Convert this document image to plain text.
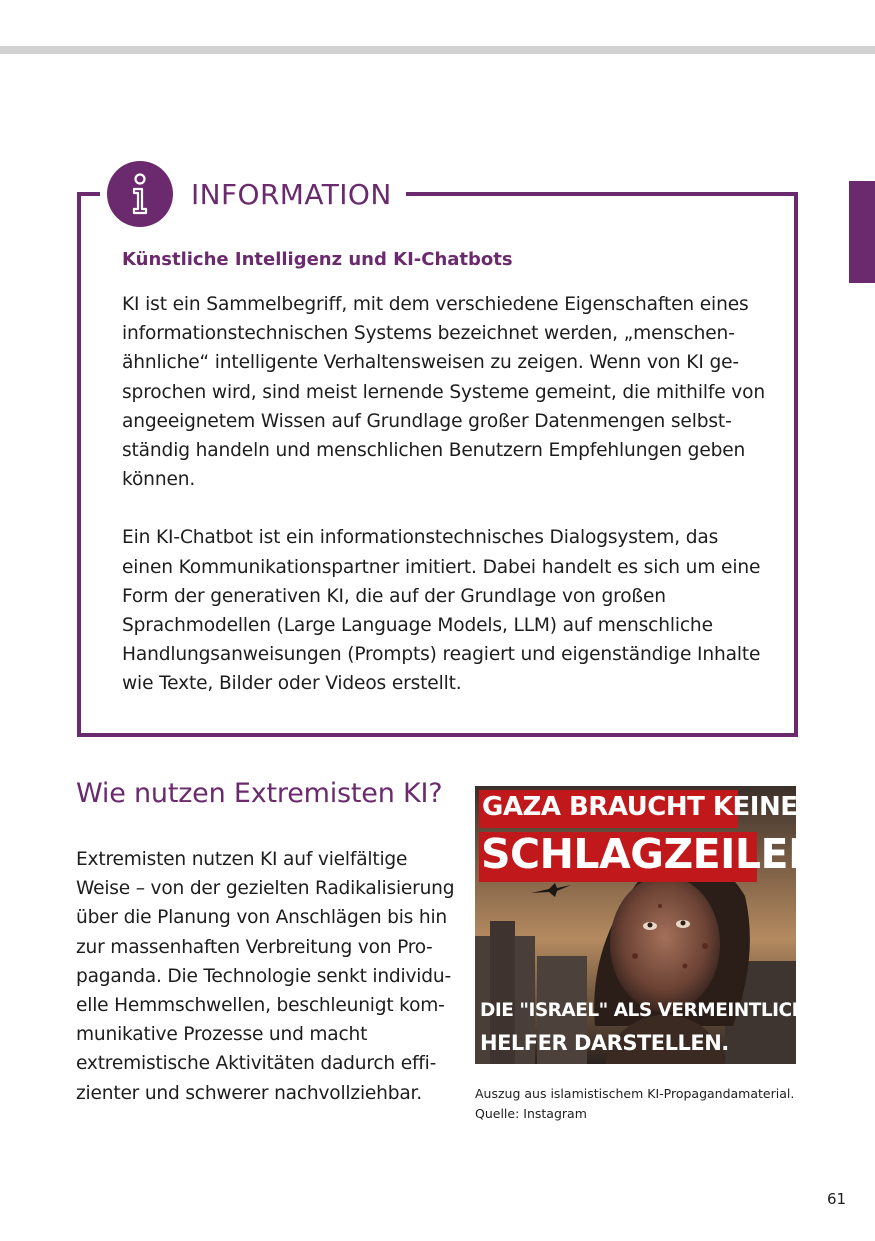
INFORMATION
Künstliche Intelligenz und KI-Chatbots

KI ist ein Sammelbegriff, mit dem verschiedene Eigenschaften eines informationstechnischen Systems bezeichnet werden, „menschenähnliche“ intelligente Verhaltensweisen zu zeigen. Wenn von KI gesprochen wird, sind meist lernende Systeme gemeint, die mithilfe von angeeignetem Wissen auf Grundlage großer Datenmengen selbstständig handeln und menschlichen Benutzern Empfehlungen geben können.

Ein KI-Chatbot ist ein informationstechnisches Dialogsystem, das einen Kommunikationspartner imitiert. Dabei handelt es sich um eine Form der generativen KI, die auf der Grundlage von großen Sprachmodellen (Large Language Models, LLM) auf menschliche Handlungsanweisungen (Prompts) reagiert und eigenständige Inhalte wie Texte, Bilder oder Videos erstellt.

Wie nutzen Extremisten KI?

Extremisten nutzen KI auf vielfältige Weise – von der gezielten Radikalisierung über die Planung von Anschlägen bis hin zur massenhaften Verbreitung von Propaganda. Die Technologie senkt individuelle Hemmschwellen, beschleunigt kommunikative Prozesse und macht extremistische Aktivitäten dadurch effizienter und schwerer nachvollziehbar.

GAZA BRAUCHT KEINE
SCHLAGZEILEN,
DIE "ISRAEL" ALS VERMEINTLICHE
HELFER DARSTELLEN.
Auszug aus islamistischem KI-Propagandamaterial.
Quelle: Instagram
61
